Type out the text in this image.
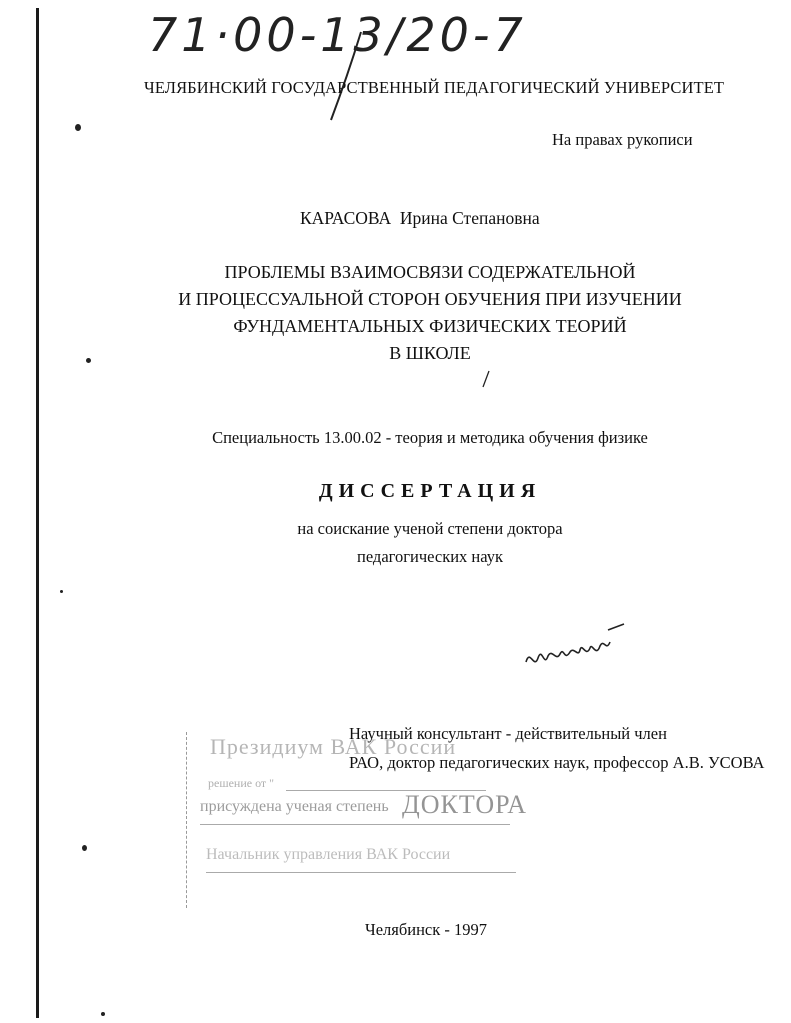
71·00-13/20-7
ЧЕЛЯБИНСКИЙ ГОСУДАРСТВЕННЫЙ ПЕДАГОГИЧЕСКИЙ УНИВЕРСИТЕТ
На правах рукописи
КАРАСОВА Ирина Степановна
ПРОБЛЕМЫ ВЗАИМОСВЯЗИ СОДЕРЖАТЕЛЬНОЙ
И ПРОЦЕССУАЛЬНОЙ СТОРОН ОБУЧЕНИЯ ПРИ ИЗУЧЕНИИ
ФУНДАМЕНТАЛЬНЫХ ФИЗИЧЕСКИХ ТЕОРИЙ
В ШКОЛЕ
Специальность 13.00.02 - теория и методика обучения физике
ДИССЕРТАЦИЯ
на соискание ученой степени доктора
педагогических наук
Президиум ВАК России
решение от "
присуждена ученая степень ДОКТОРА
Начальник управления ВАК России
Научный консультант - действительный член
РАО, доктор педагогических наук, профессор А.В. УСОВА
Челябинск - 1997
